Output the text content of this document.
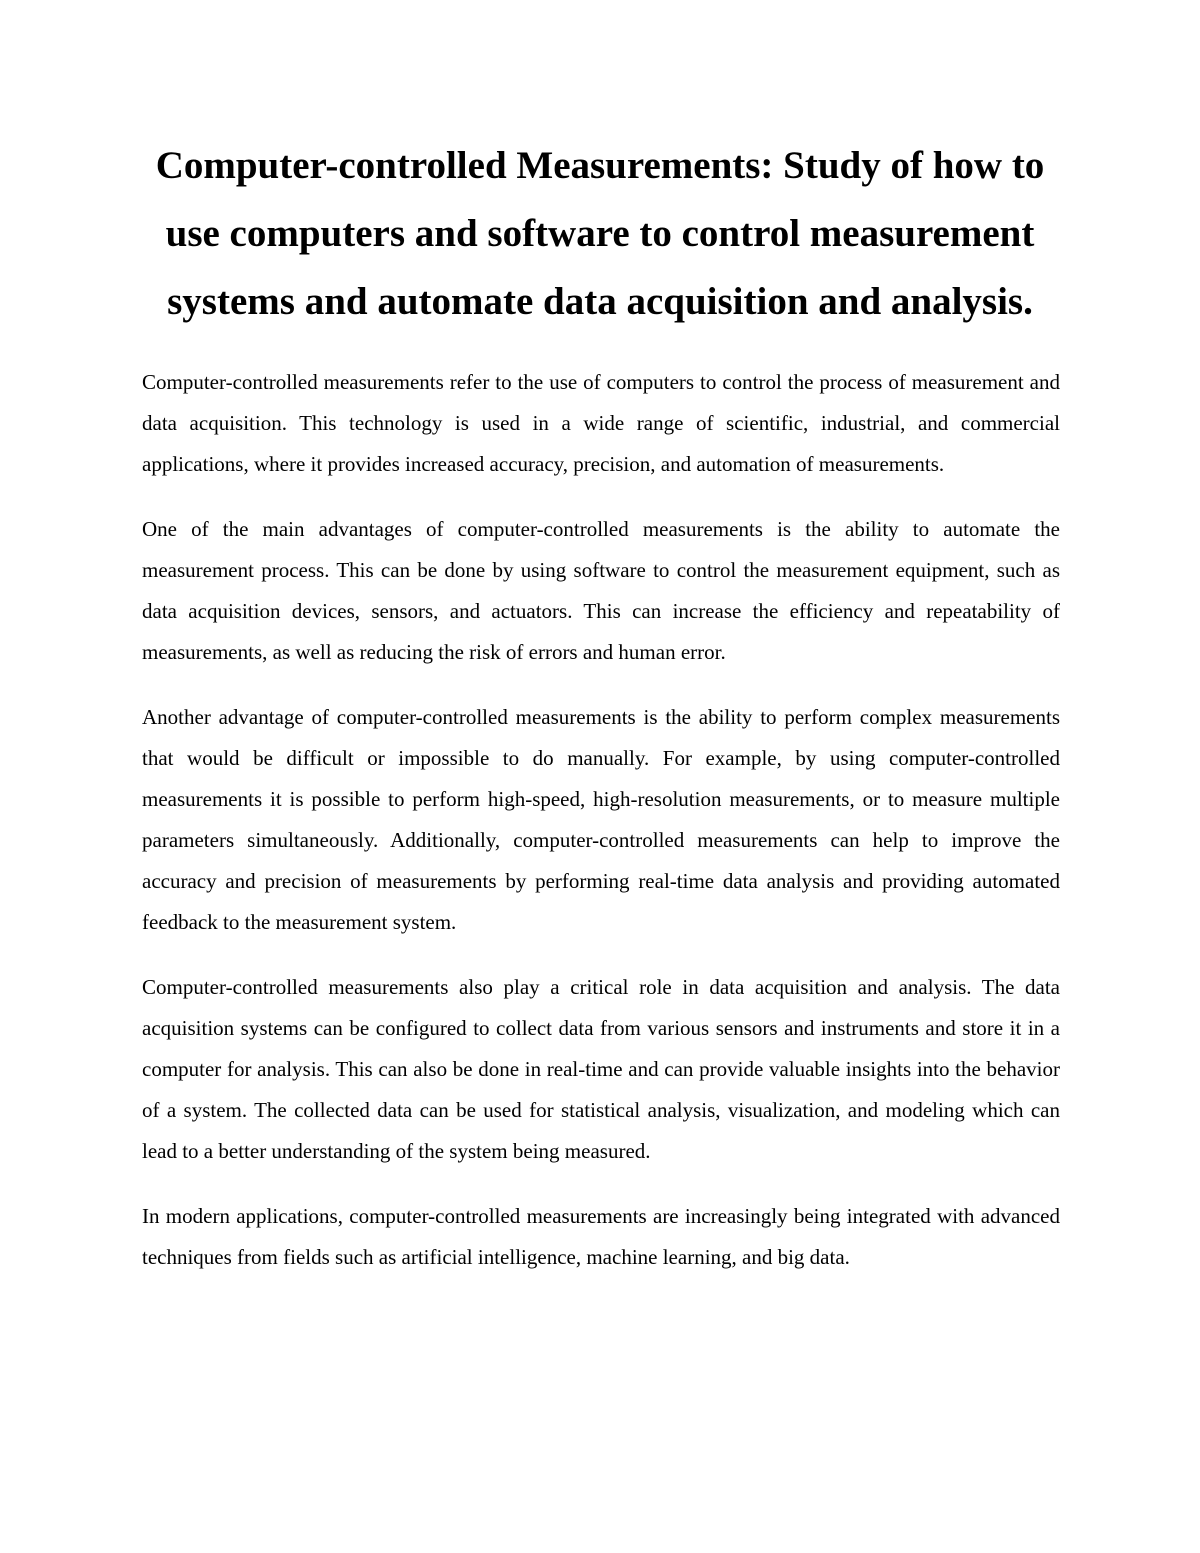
Computer-controlled Measurements: Study of how to use computers and software to control measurement systems and automate data acquisition and analysis.

Computer-controlled measurements refer to the use of computers to control the process of measurement and data acquisition. This technology is used in a wide range of scientific, industrial, and commercial applications, where it provides increased accuracy, precision, and automation of measurements.

One of the main advantages of computer-controlled measurements is the ability to automate the measurement process. This can be done by using software to control the measurement equipment, such as data acquisition devices, sensors, and actuators. This can increase the efficiency and repeatability of measurements, as well as reducing the risk of errors and human error.

Another advantage of computer-controlled measurements is the ability to perform complex measurements that would be difficult or impossible to do manually. For example, by using computer-controlled measurements it is possible to perform high-speed, high-resolution measurements, or to measure multiple parameters simultaneously. Additionally, computer-controlled measurements can help to improve the accuracy and precision of measurements by performing real-time data analysis and providing automated feedback to the measurement system.

Computer-controlled measurements also play a critical role in data acquisition and analysis. The data acquisition systems can be configured to collect data from various sensors and instruments and store it in a computer for analysis. This can also be done in real-time and can provide valuable insights into the behavior of a system. The collected data can be used for statistical analysis, visualization, and modeling which can lead to a better understanding of the system being measured.

In modern applications, computer-controlled measurements are increasingly being integrated with advanced techniques from fields such as artificial intelligence, machine learning, and big data.
